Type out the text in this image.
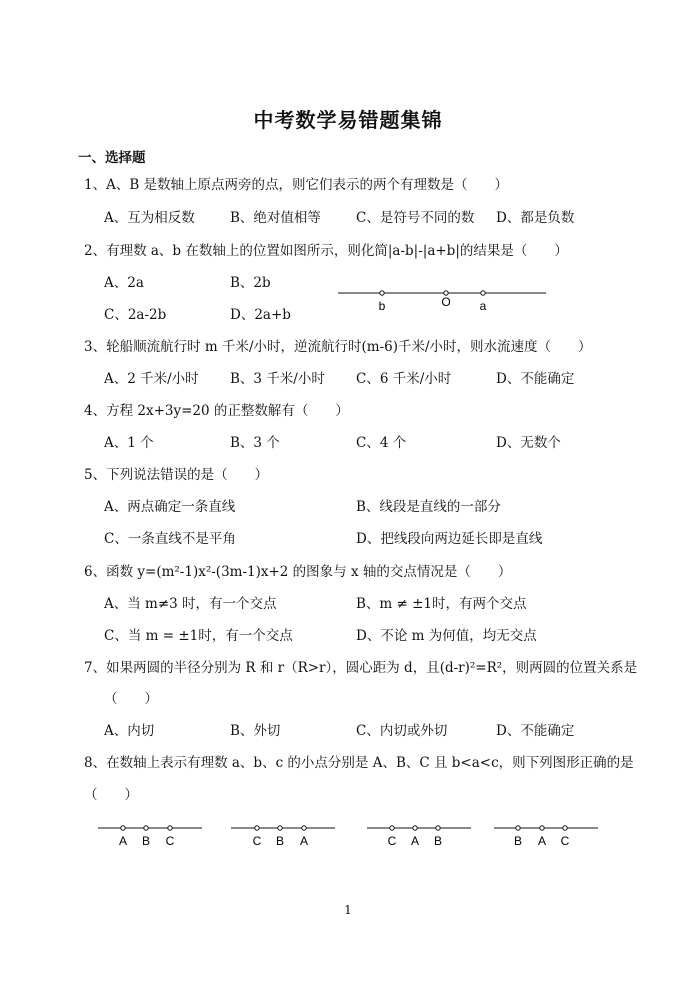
中考数学易错题集锦
一、选择题
1、A、B 是数轴上原点两旁的点，则它们表示的两个有理数是（　　）
A、互为相反数	B、绝对值相等	C、是符号不同的数 D、都是负数
2、有理数 a、b 在数轴上的位置如图所示，则化简|a-b|-|a+b|的结果是（　　）
A、2a	B、2b
C、2a-2b	D、2a+b
b	O a
3、轮船顺流航行时 m 千米/小时，逆流航行时(m-6)千米/小时，则水流速度（　　）
A、2 千米/小时 B、3 千米/小时 C、6 千米/小时	D、不能确定
4、方程 2x+3y=20 的正整数解有（　　）
A、1 个	B、3 个	C、4 个	D、无数个
5、下列说法错误的是（　　）
A、两点确定一条直线	B、线段是直线的一部分
C、一条直线不是平角	D、把线段向两边延长即是直线
6、函数 y=(m²-1)x²-(3m-1)x+2 的图象与 x 轴的交点情况是（　　）
A、当 m≠3 时，有一个交点	B、m ≠ ±1时，有两个交点
C、当 m = ±1时，有一个交点	D、不论 m 为何值，均无交点
7、如果两圆的半径分别为 R 和 r（R>r），圆心距为 d，且(d-r)²=R²，则两圆的位置关系是
（　　）
A、内切	B、外切	C、内切或外切	D、不能确定
8、在数轴上表示有理数 a、b、c 的小点分别是 A、B、C 且 b<a<c，则下列图形正确的是
（　　）
A B C	C B A	C A B	B A C
1
